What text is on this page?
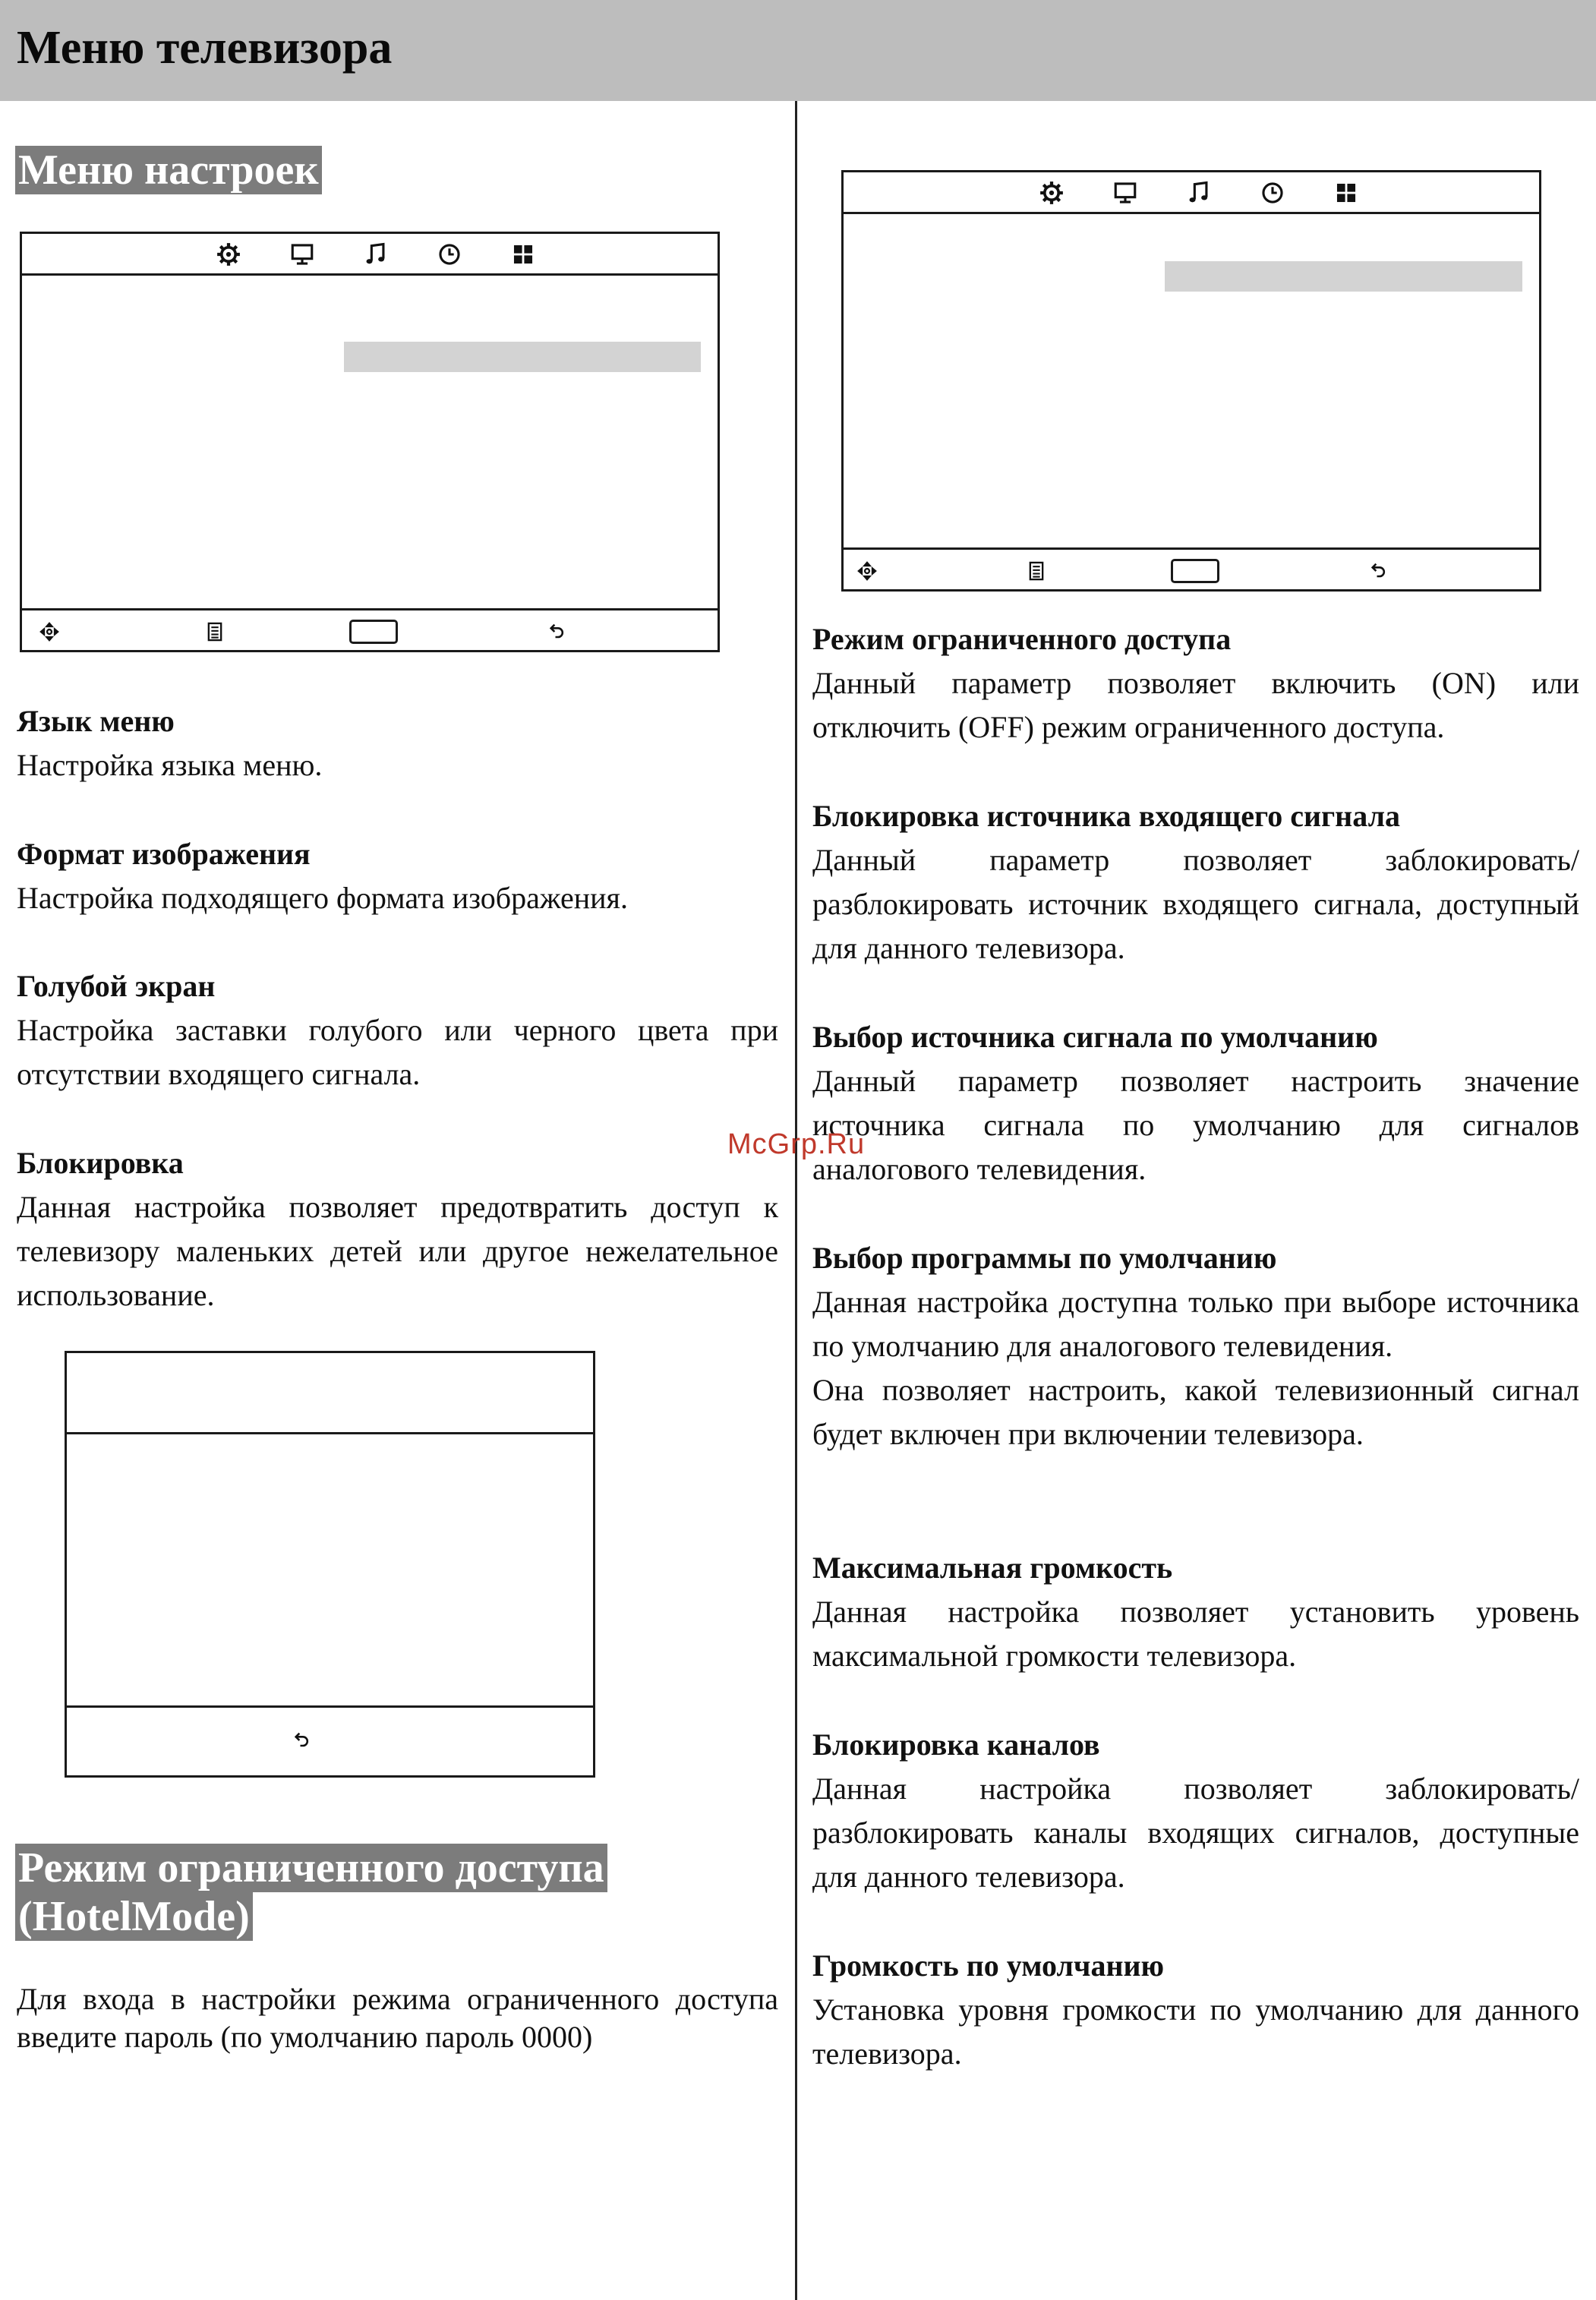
Меню телевизора
Меню настроек
Язык меню
Настройка языка меню.
Формат изображения
Настройка подходящего формата изображения.
Голубой экран
Настройка заставки голубого или черного цвета при отсутствии входящего сигнала.
Блокировка
Данная настройка позволяет предотвратить доступ к телевизору маленьких детей или другое нежелательное использование.
Режим ограниченного доступа
(HotelMode)
Для входа в настройки режима ограниченного доступа введите пароль (по умолчанию пароль 0000)
Режим ограниченного доступа
Данный параметр позволяет включить (ON) или отключить (OFF) режим ограниченного доступа.
Блокировка источника входящего сигнала
Данный параметр позволяет заблокировать/разблокировать источник входящего сигнала, доступный для данного телевизора.
Выбор источника сигнала по умолчанию
Данный параметр позволяет настроить значение источника сигнала по умолчанию для сигналов аналогового телевидения.
Выбор программы по умолчанию
Данная настройка доступна только при выборе источника по умолчанию для аналогового телевидения.
Она позволяет настроить, какой телевизионный сигнал будет включен при включении телевизора.
Максимальная громкость
Данная настройка позволяет установить уровень максимальной громкости телевизора.
Блокировка каналов
Данная настройка позволяет заблокировать/разблокировать каналы входящих сигналов, доступные для данного телевизора.
Громкость по умолчанию
Установка уровня громкости по умолчанию для данного телевизора.
McGrp.Ru
